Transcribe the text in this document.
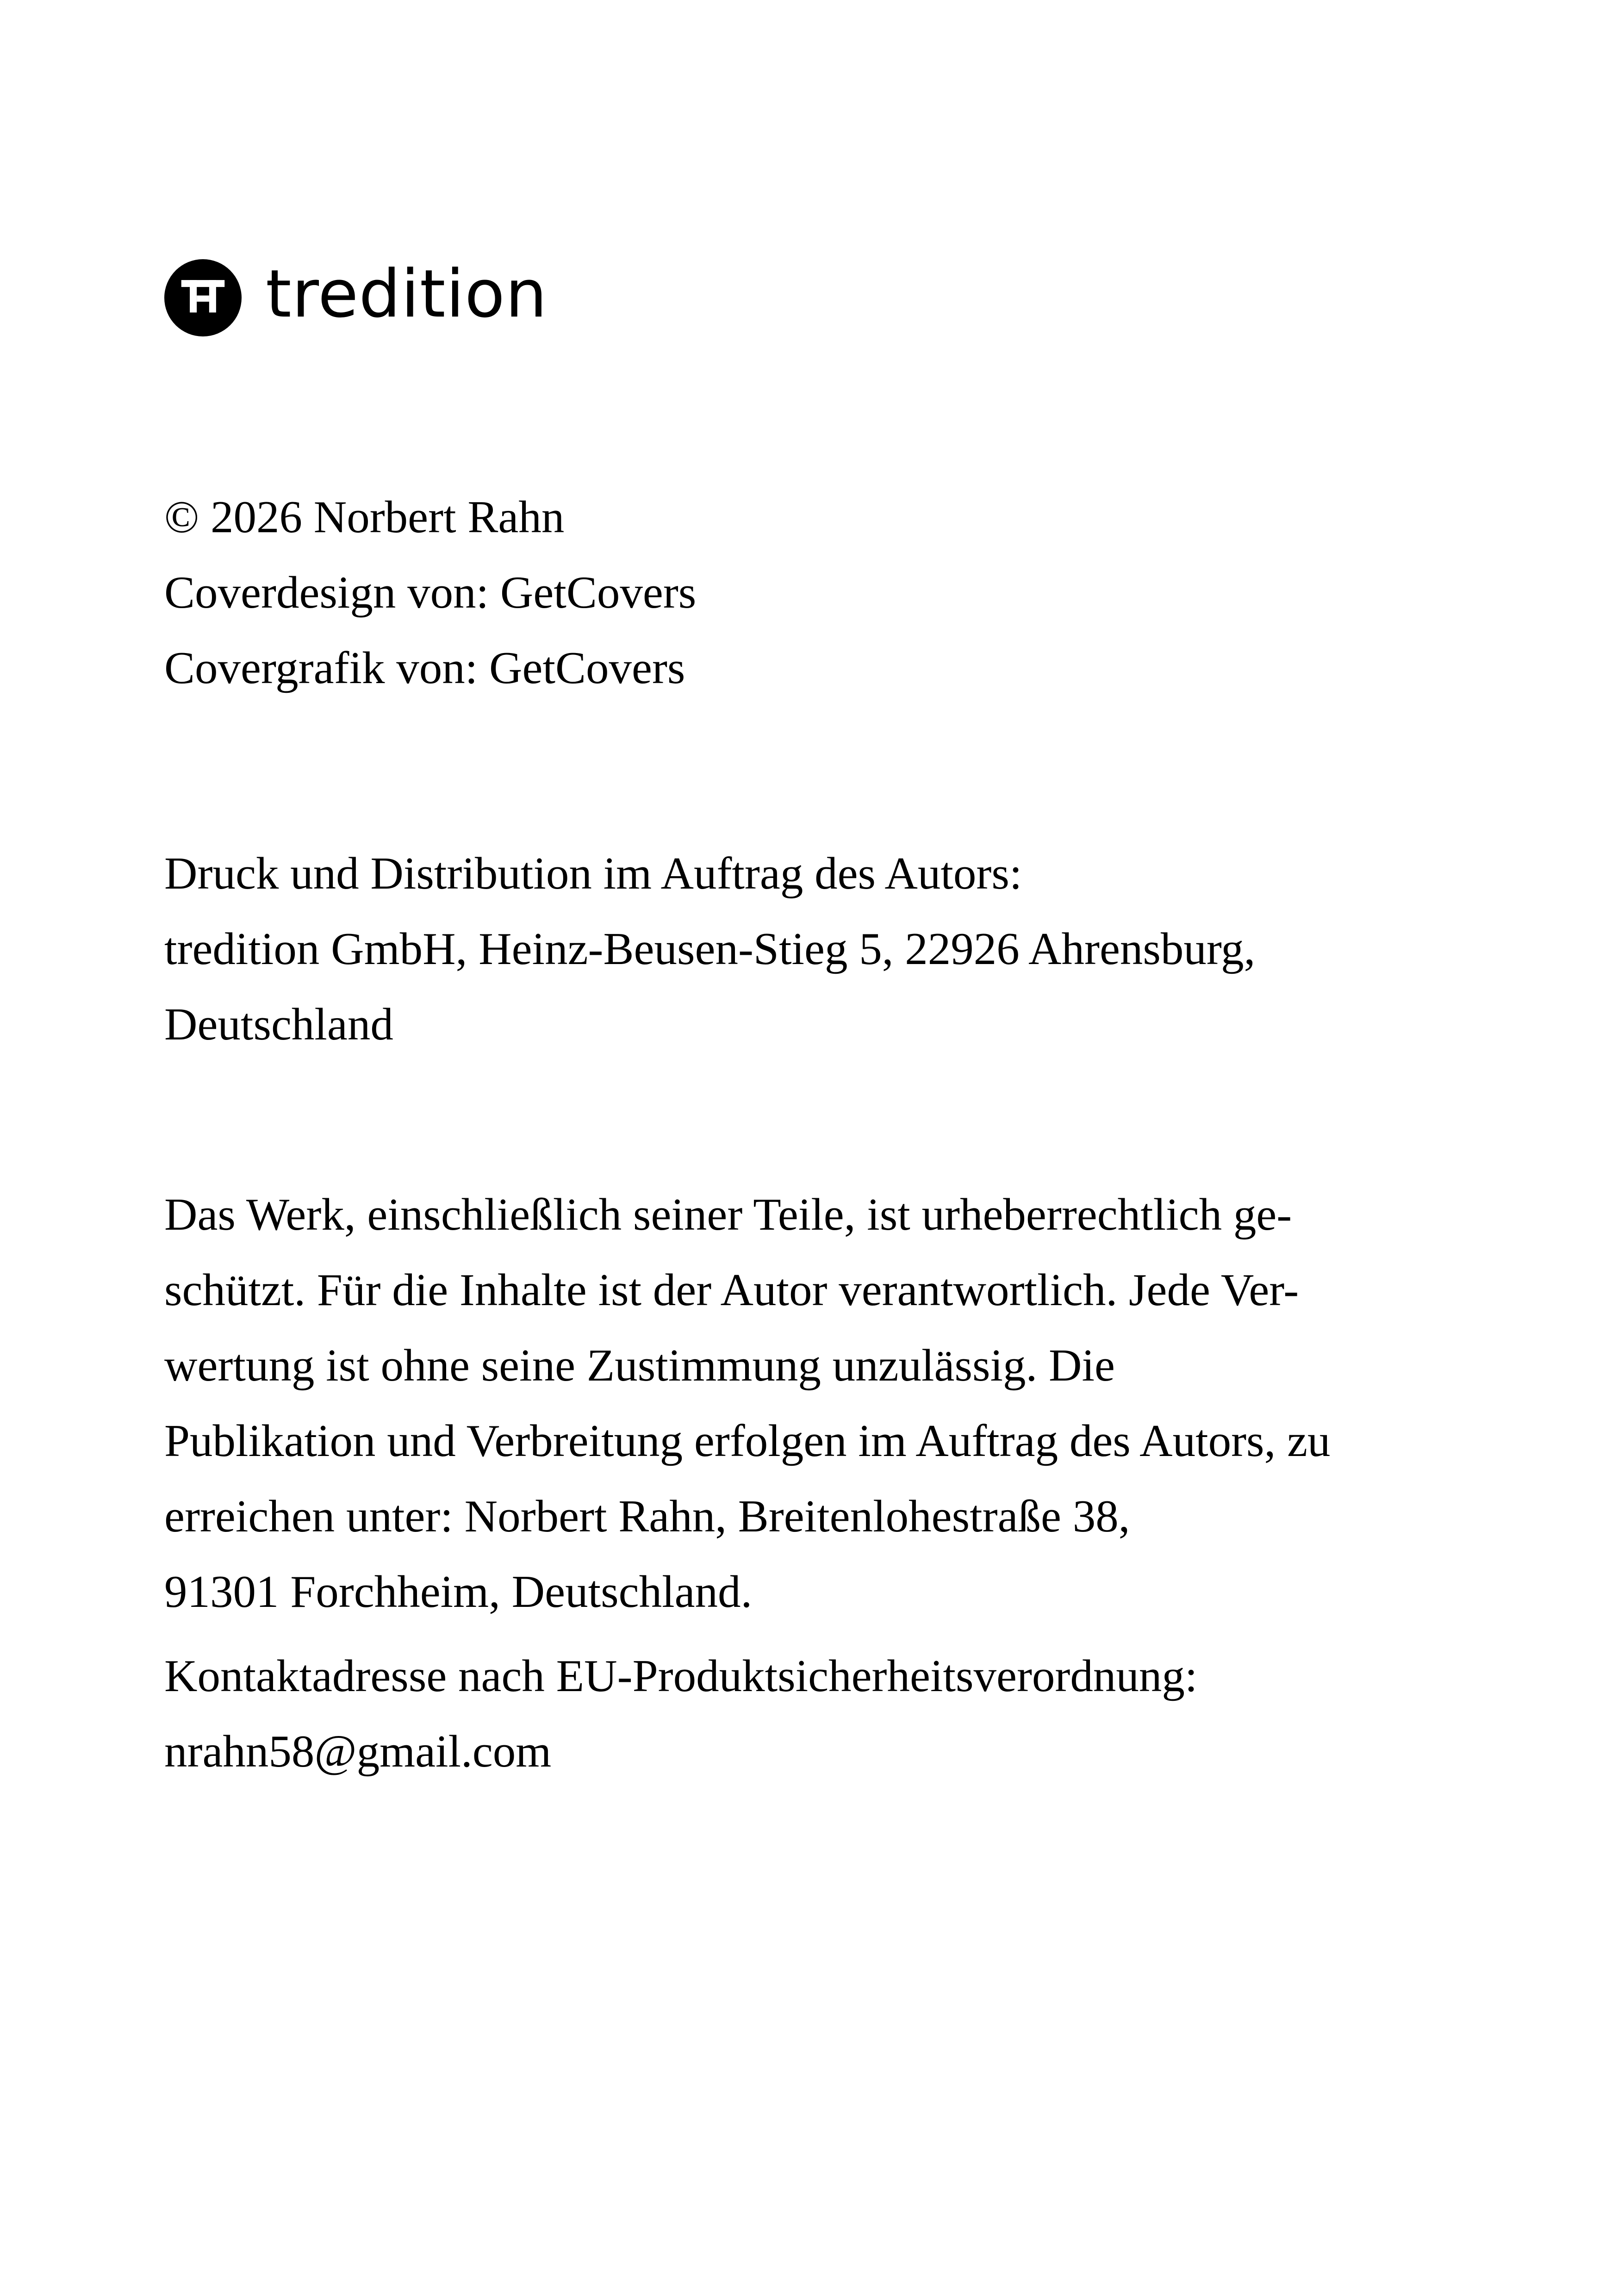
tredition
© 2026 Norbert Rahn
Coverdesign von: GetCovers
Covergrafik von: GetCovers
Druck und Distribution im Auftrag des Autors:
tredition GmbH, Heinz-Beusen-Stieg 5, 22926 Ahrensburg,
Deutschland
Das Werk, einschließlich seiner Teile, ist urheberrechtlich ge-
schützt. Für die Inhalte ist der Autor verantwortlich. Jede Ver-
wertung ist ohne seine Zustimmung unzulässig. Die
Publikation und Verbreitung erfolgen im Auftrag des Autors, zu
erreichen unter: Norbert Rahn, Breitenlohestraße 38,
91301 Forchheim, Deutschland.
Kontaktadresse nach EU-Produktsicherheitsverordnung:
nrahn58@gmail.com
